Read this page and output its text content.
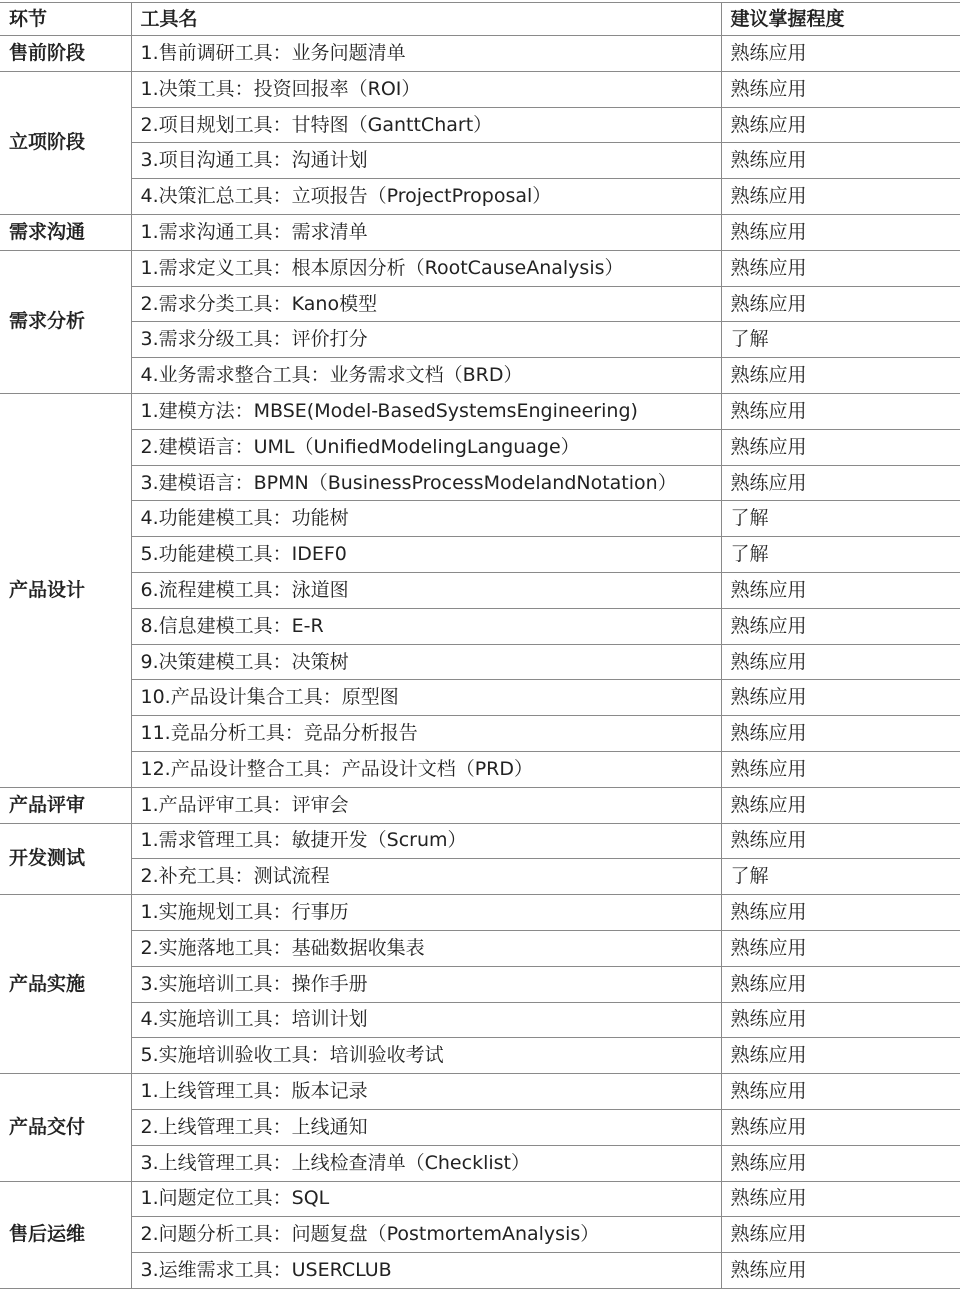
环节	工具名	建议掌握程度
售前阶段	1.售前调研工具：业务问题清单	熟练应用
立项阶段	1.决策工具：投资回报率（ROI）	熟练应用
	2.项目规划工具：甘特图（GanttChart）	熟练应用
	3.项目沟通工具：沟通计划	熟练应用
	4.决策汇总工具：立项报告（ProjectProposal）	熟练应用
需求沟通	1.需求沟通工具：需求清单	熟练应用
需求分析	1.需求定义工具：根本原因分析（RootCauseAnalysis）	熟练应用
	2.需求分类工具：Kano模型	熟练应用
	3.需求分级工具：评价打分	了解
	4.业务需求整合工具：业务需求文档（BRD）	熟练应用
产品设计	1.建模方法：MBSE(Model-BasedSystemsEngineering)	熟练应用
	2.建模语言：UML（UnifiedModelingLanguage）	熟练应用
	3.建模语言：BPMN（BusinessProcessModelandNotation）	熟练应用
	4.功能建模工具：功能树	了解
	5.功能建模工具：IDEF0	了解
	6.流程建模工具：泳道图	熟练应用
	8.信息建模工具：E-R	熟练应用
	9.决策建模工具：决策树	熟练应用
	10.产品设计集合工具：原型图	熟练应用
	11.竞品分析工具：竞品分析报告	熟练应用
	12.产品设计整合工具：产品设计文档（PRD）	熟练应用
产品评审	1.产品评审工具：评审会	熟练应用
开发测试	1.需求管理工具：敏捷开发（Scrum）	熟练应用
	2.补充工具：测试流程	了解
产品实施	1.实施规划工具：行事历	熟练应用
	2.实施落地工具：基础数据收集表	熟练应用
	3.实施培训工具：操作手册	熟练应用
	4.实施培训工具：培训计划	熟练应用
	5.实施培训验收工具：培训验收考试	熟练应用
产品交付	1.上线管理工具：版本记录	熟练应用
	2.上线管理工具：上线通知	熟练应用
	3.上线管理工具：上线检查清单（Checklist）	熟练应用
售后运维	1.问题定位工具：SQL	熟练应用
	2.问题分析工具：问题复盘（PostmortemAnalysis）	熟练应用
	3.运维需求工具：USERCLUB	熟练应用
